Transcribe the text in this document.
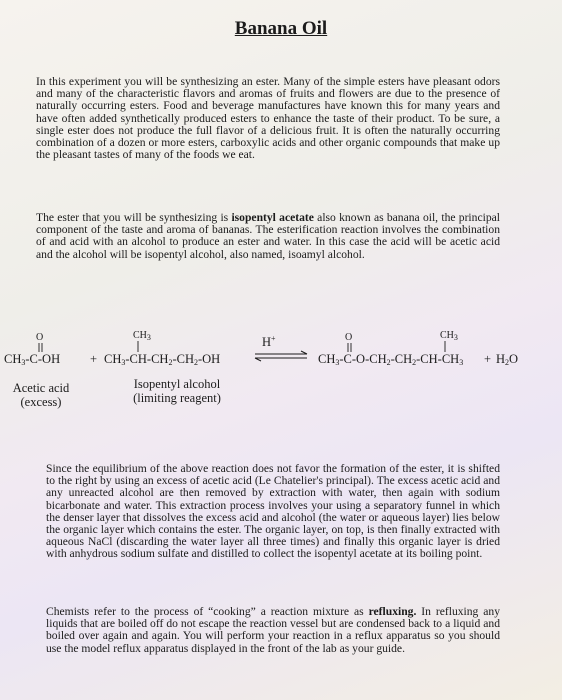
Banana Oil

In this experiment you will be synthesizing an ester. Many of the simple esters have pleasant odors and many of the characteristic flavors and aromas of fruits and flowers are due to the presence of naturally occurring esters. Food and beverage manufactures have known this for many years and have often added synthetically produced esters to enhance the taste of their product. To be sure, a single ester does not produce the full flavor of a delicious fruit. It is often the naturally occurring combination of a dozen or more esters, carboxylic acids and other organic compounds that make up the pleasant tastes of many of the foods we eat.

The ester that you will be synthesizing is isopentyl acetate also known as banana oil, the principal component of the taste and aroma of bananas. The esterification reaction involves the combination of and acid with an alcohol to produce an ester and water. In this case the acid will be acetic acid and the alcohol will be isopentyl alcohol, also named, isoamyl alcohol.

O	$CH_3$	H+	O	$CH_3$
$CH_3-C-OH + CH_3-CH-CH_2-CH_2-OH$ ⇌ $CH_3-C-O-CH_2-CH_2-CH-CH_3 + H_2O$
Acetic acid
(excess)
Isopentyl alcohol
(limiting reagent)

Since the equilibrium of the above reaction does not favor the formation of the ester, it is shifted to the right by using an excess of acetic acid (Le Chatelier's principal). The excess acetic acid and any unreacted alcohol are then removed by extraction with water, then again with sodium bicarbonate and water. This extraction process involves your using a separatory funnel in which the denser layer that dissolves the excess acid and alcohol (the water or aqueous layer) lies below the organic layer which contains the ester. The organic layer, on top, is then finally extracted with aqueous NaCl (discarding the water layer all three times) and finally this organic layer is dried with anhydrous sodium sulfate and distilled to collect the isopentyl acetate at its boiling point.

Chemists refer to the process of “cooking” a reaction mixture as refluxing. In refluxing any liquids that are boiled off do not escape the reaction vessel but are condensed back to a liquid and boiled over again and again. You will perform your reaction in a reflux apparatus so you should use the model reflux apparatus displayed in the front of the lab as your guide.
